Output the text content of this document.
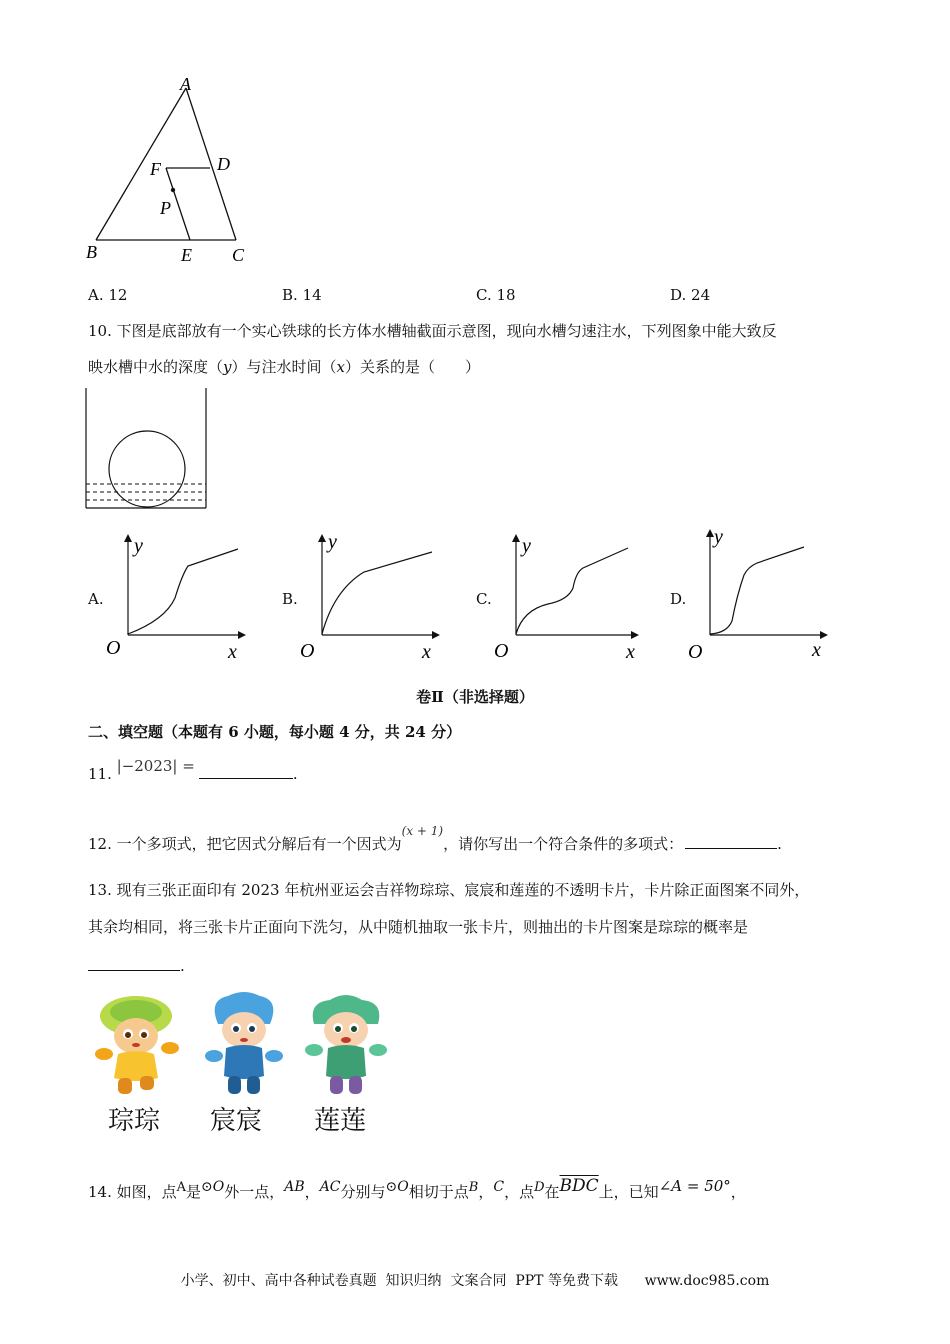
A
F	D
P
B	E C
A. 12	B. 14	C. 18	D. 24
10. 下图是底部放有一个实心铁球的长方体水槽轴截面示意图，现向水槽匀速注水，下列图象中能大致反
映水槽中水的深度（y）与注水时间（x）关系的是（　　）
A.	B.	C.	D.
y
O	x
y
O	x
y
O	x
y
O	x
卷Ⅱ（非选择题）
二、填空题（本题有 6 小题，每小题 4 分，共 24 分）
11. |−2023| =	.
12. 一个多项式，把它因式分解后有一个因式为$^{(x + 1)}$，请你写出一个符合条件的多项式：	.
13. 现有三张正面印有 2023 年杭州亚运会吉祥物琮琮、宸宸和莲莲的不透明卡片，卡片除正面图案不同外，
其余均相同，将三张卡片正面向下洗匀，从中随机抽取一张卡片，则抽出的卡片图案是琮琮的概率是
.
琮琮 宸宸 莲莲
14. 如图，点A是⊙O外一点，AB，AC分别与⊙O相切于点B，C，点D在$\overline{BDC}$上，已知∠A = 50°，
小学、初中、高中各种试卷真题  知识归纳  文案合同  PPT 等免费下载      www.doc985.com
